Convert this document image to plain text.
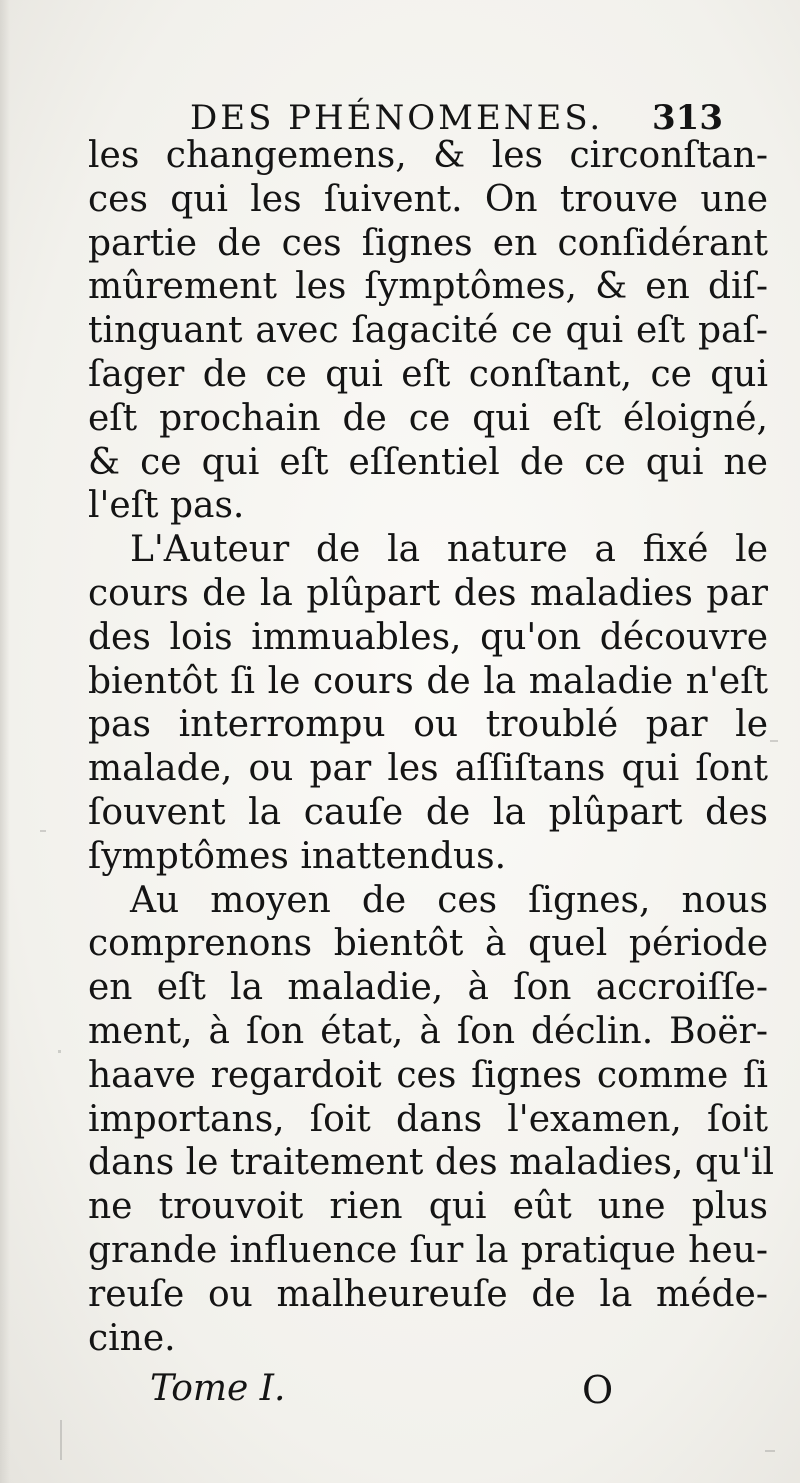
DES PHÉNOMENES. 313
les changemens, & les circonſtan-
ces qui les ſuivent. On trouve une
partie de ces ſignes en conſidérant
mûrement les ſymptômes, & en diſ-
tinguant avec ſagacité ce qui eſt paſ-
ſager de ce qui eſt conſtant, ce qui
eſt prochain de ce qui eſt éloigné,
& ce qui eſt eſſentiel de ce qui ne
l'eſt pas.
L'Auteur de la nature a fixé le
cours de la plûpart des maladies par
des lois immuables, qu'on découvre
bientôt ſi le cours de la maladie n'eſt
pas interrompu ou troublé par le
malade, ou par les aſſiſtans qui ſont
ſouvent la cauſe de la plûpart des
ſymptômes inattendus.
Au moyen de ces ſignes, nous
comprenons bientôt à quel période
en eſt la maladie, à ſon accroiſſe-
ment, à ſon état, à ſon déclin. Boër-
haave regardoit ces ſignes comme ſi
importans, ſoit dans l'examen, ſoit
dans le traitement des maladies, qu'il
ne trouvoit rien qui eût une plus
grande influence ſur la pratique heu-
reuſe ou malheureuſe de la méde-
cine.
Tome I.	O
